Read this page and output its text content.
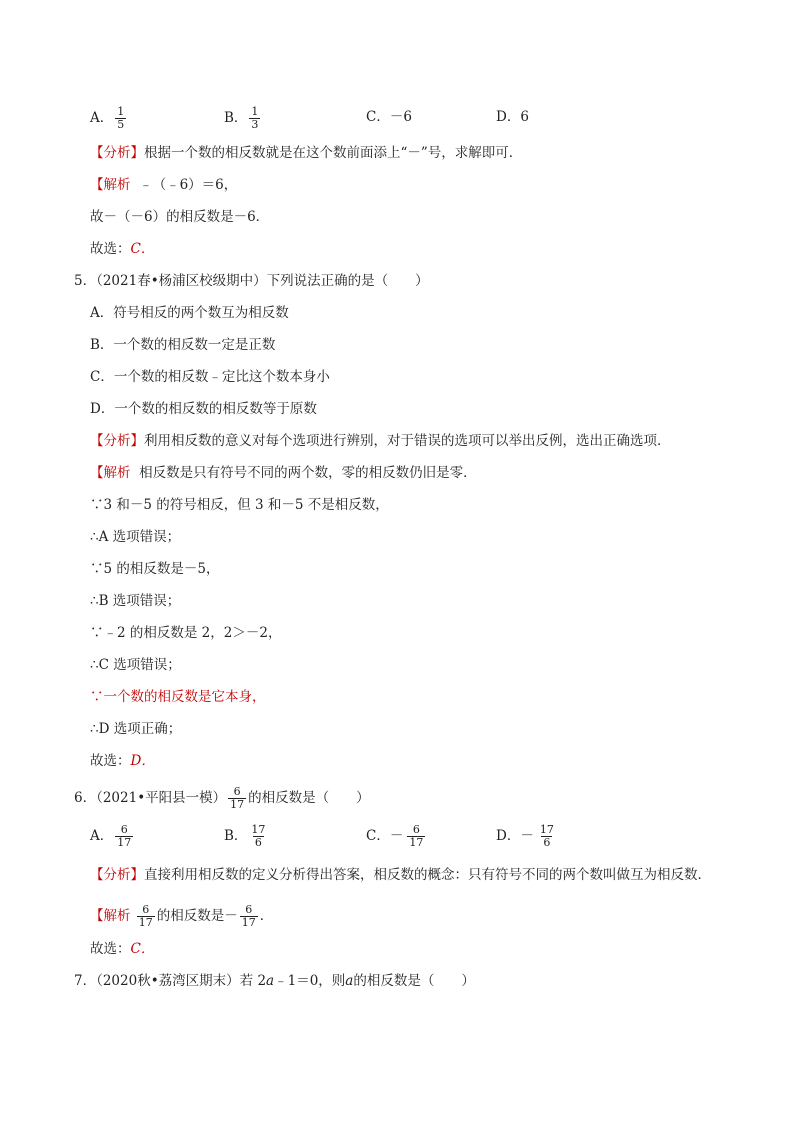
A． $\frac{1}{5}$	B． $\frac{1}{3}$	C．－6	D．6
【分析】根据一个数的相反数就是在这个数前面添上“－”号，求解即可．
【解析 ﹣（﹣6）＝6，
故－（－6）的相反数是－6．
故选：C．
5．（2021春•杨浦区校级期中）下列说法正确的是（　　）
A．符号相反的两个数互为相反数
B．一个数的相反数一定是正数
C．一个数的相反数﹣定比这个数本身小
D．一个数的相反数的相反数等于原数
【分析】利用相反数的意义对每个选项进行辨别，对于错误的选项可以举出反例，选出正确选项．
【解析 相反数是只有符号不同的两个数，零的相反数仍旧是零．
∵3 和－5 的符号相反，但 3 和－5 不是相反数，
∴A 选项错误；
∵5 的相反数是－5，
∴B 选项错误；
∵﹣2 的相反数是 2，2＞－2，
∴C 选项错误；
∵一个数的相反数是它本身，
∴D 选项正确；
故选：D．
6．（2021•平阳县一模） $\frac{6}{17}$ 的相反数是（　　）
A． $\frac{6}{17}$	B． $\frac{17}{6}$	C．－ $\frac{6}{17}$	D．－ $\frac{17}{6}$
【分析】直接利用相反数的定义分析得出答案，相反数的概念：只有符号不同的两个数叫做互为相反数．
【解析 $\frac{6}{17}$ 的相反数是－ $\frac{6}{17}$ ．
故选：C．
7．（2020秋•荔湾区期末）若 2a﹣1＝0，则a的相反数是（　　）
